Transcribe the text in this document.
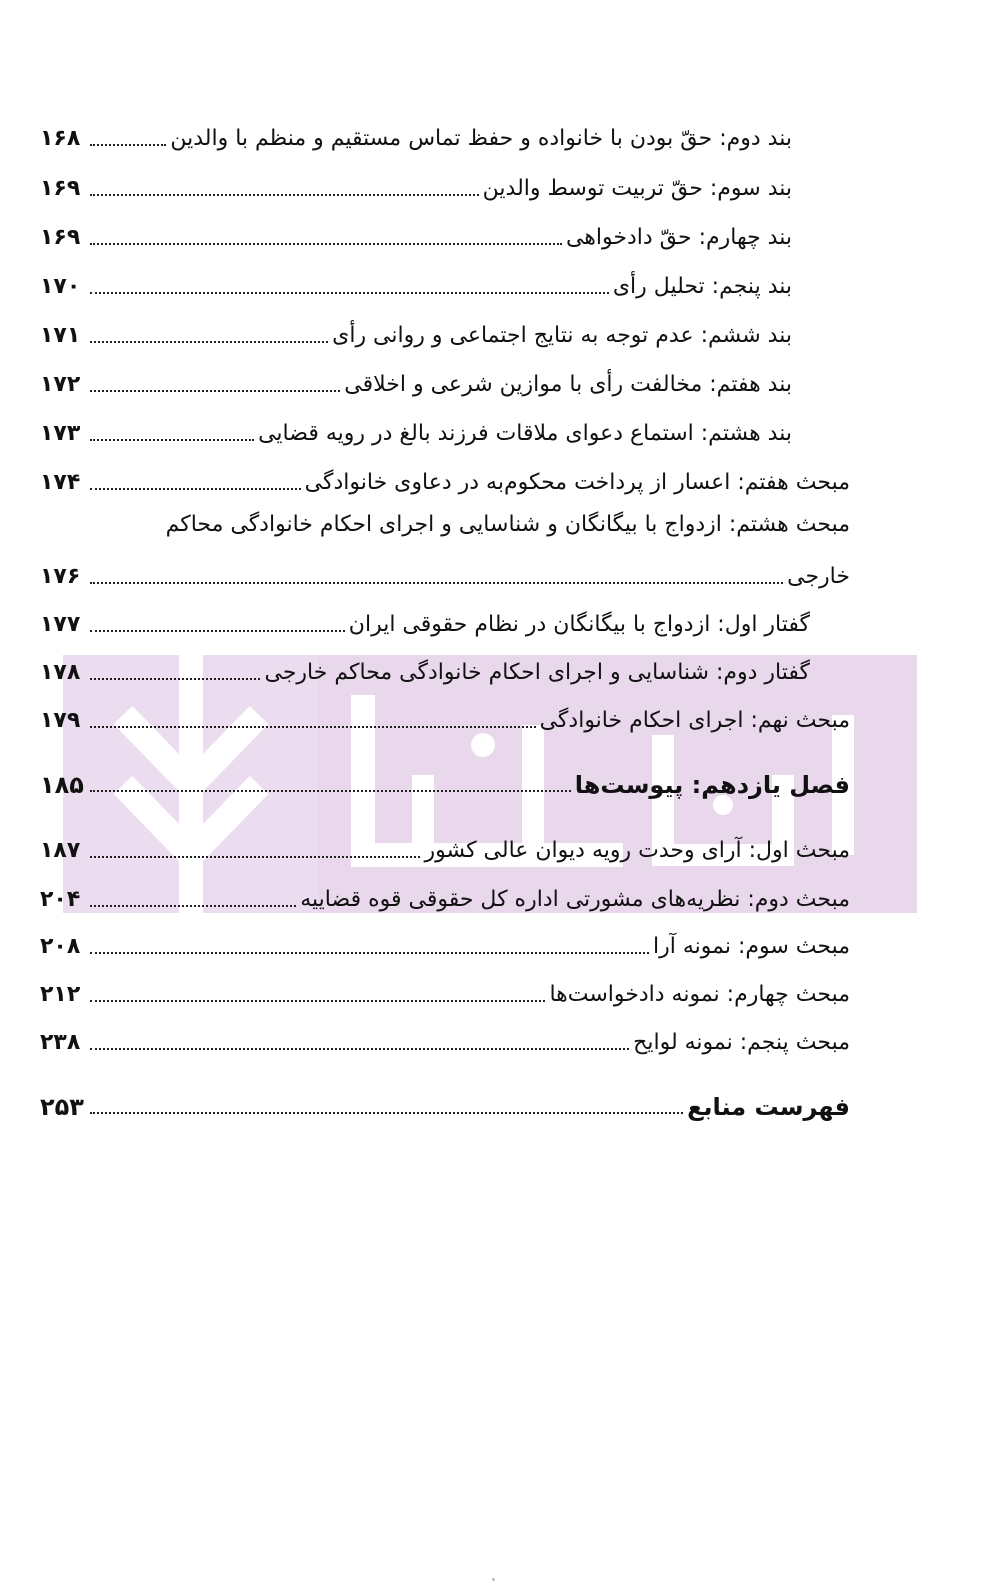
۱۶۸	بند دوم: حقّ بودن با خانواده و حفظ تماس مستقیم و منظم با والدین
۱۶۹	بند سوم: حقّ تربیت توسط والدین
۱۶۹	بند چهارم: حقّ دادخواهی
۱۷۰	بند پنجم: تحلیل رأی
۱۷۱	بند ششم: عدم توجه به نتایج اجتماعی و روانی رأی
۱۷۲	بند هفتم: مخالفت رأی با موازین شرعی و اخلاقی
۱۷۳	بند هشتم: استماع دعوای ملاقات فرزند بالغ در رویه قضایی
۱۷۴	مبحث هفتم: اعسار از پرداخت محکوم‌به در دعاوی خانوادگی
مبحث هشتم: ازدواج با بیگانگان و شناسایی و اجرای احکام خانوادگی محاکم
۱۷۶	خارجی
۱۷۷	گفتار اول: ازدواج با بیگانگان در نظام حقوقی ایران
۱۷۸	گفتار دوم: شناسایی و اجرای احکام خانوادگی محاکم خارجی
۱۷۹	مبحث نهم: اجرای احکام خانوادگی
۱۸۵	فصل یازدهم: پیوست‌ها
۱۸۷	مبحث اول: آرای وحدت رویه دیوان عالی کشور
۲۰۴	مبحث دوم: نظریه‌های مشورتی اداره کل حقوقی قوه قضاییه
۲۰۸	مبحث سوم: نمونه آرا
۲۱۲	مبحث چهارم: نمونه دادخواست‌ها
۲۳۸	مبحث پنجم: نمونه لوایح
۲۵۳	فهرست منابع
